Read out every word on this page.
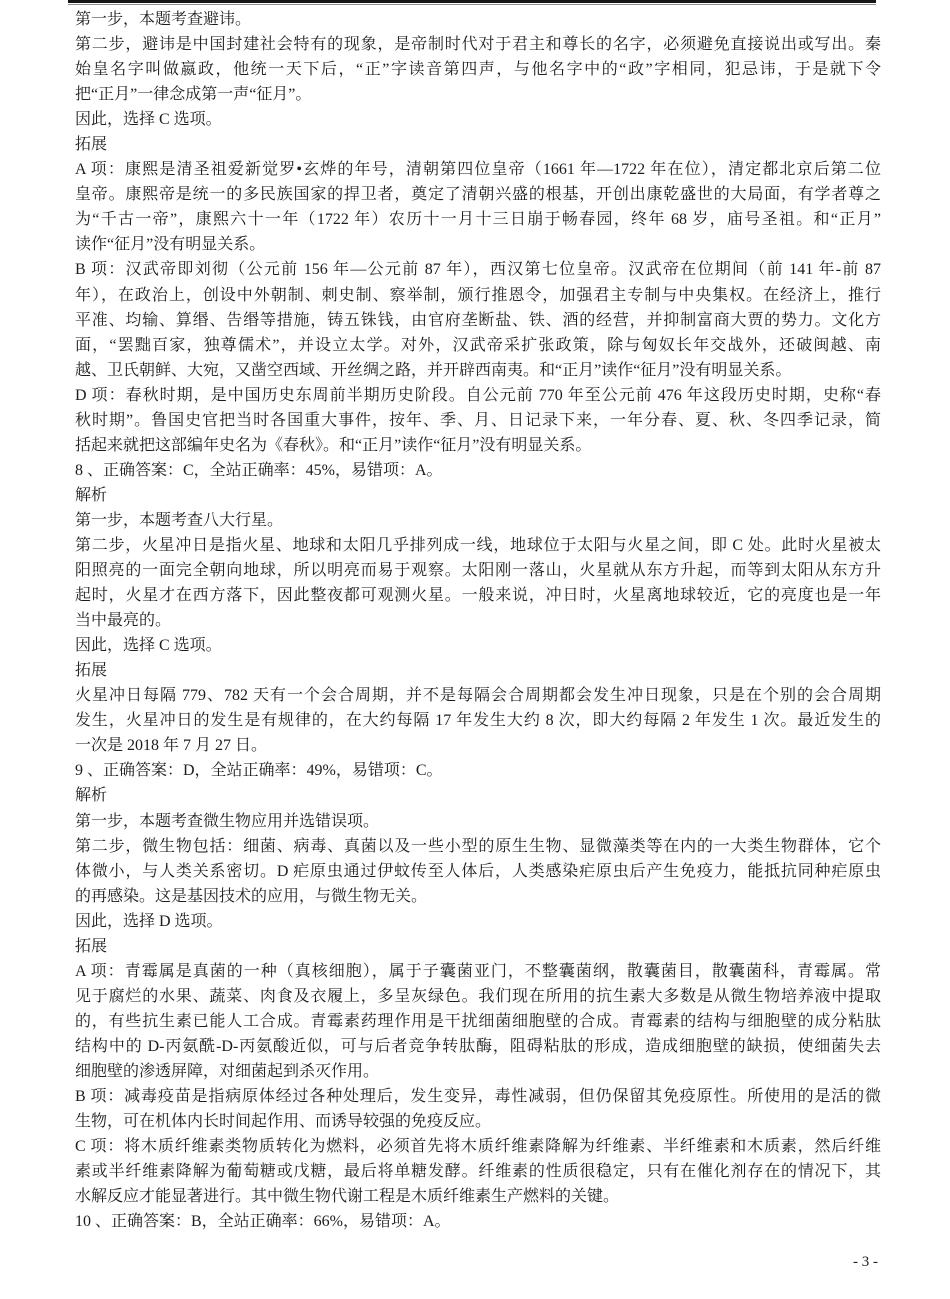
第一步，本题考查避讳。
第二步，避讳是中国封建社会特有的现象，是帝制时代对于君主和尊长的名字，必须避免直接说出或写出。秦
始皇名字叫做嬴政，他统一天下后，“正”字读音第四声，与他名字中的“政”字相同，犯忌讳，于是就下令
把“正月”一律念成第一声“征月”。
因此，选择 C 选项。
拓展
A 项：康熙是清圣祖爱新觉罗•玄烨的年号，清朝第四位皇帝（1661 年—1722 年在位），清定都北京后第二位
皇帝。康熙帝是统一的多民族国家的捍卫者，奠定了清朝兴盛的根基，开创出康乾盛世的大局面，有学者尊之
为“千古一帝”，康熙六十一年（1722 年）农历十一月十三日崩于畅春园，终年 68 岁，庙号圣祖。和“正月”
读作“征月”没有明显关系。
B 项：汉武帝即刘彻（公元前 156 年—公元前 87 年），西汉第七位皇帝。汉武帝在位期间（前 141 年-前 87
年），在政治上，创设中外朝制、刺史制、察举制，颁行推恩令，加强君主专制与中央集权。在经济上，推行
平准、均输、算缗、告缗等措施，铸五铢钱，由官府垄断盐、铁、酒的经营，并抑制富商大贾的势力。文化方
面，“罢黜百家，独尊儒术”，并设立太学。对外，汉武帝采扩张政策，除与匈奴长年交战外，还破闽越、南
越、卫氏朝鲜、大宛，又凿空西域、开丝绸之路，并开辟西南夷。和“正月”读作“征月”没有明显关系。
D 项：春秋时期，是中国历史东周前半期历史阶段。自公元前 770 年至公元前 476 年这段历史时期，史称“春
秋时期”。鲁国史官把当时各国重大事件，按年、季、月、日记录下来，一年分春、夏、秋、冬四季记录，简
括起来就把这部编年史名为《春秋》。和“正月”读作“征月”没有明显关系。
8 、正确答案：C，全站正确率：45%，易错项：A。
解析
第一步，本题考查八大行星。
第二步，火星冲日是指火星、地球和太阳几乎排列成一线，地球位于太阳与火星之间，即 C 处。此时火星被太
阳照亮的一面完全朝向地球，所以明亮而易于观察。太阳刚一落山，火星就从东方升起，而等到太阳从东方升
起时，火星才在西方落下，因此整夜都可观测火星。一般来说，冲日时，火星离地球较近，它的亮度也是一年
当中最亮的。
因此，选择 C 选项。
拓展
火星冲日每隔 779、782 天有一个会合周期，并不是每隔会合周期都会发生冲日现象，只是在个别的会合周期
发生，火星冲日的发生是有规律的，在大约每隔 17 年发生大约 8 次，即大约每隔 2 年发生 1 次。最近发生的
一次是 2018 年 7 月 27 日。
9 、正确答案：D，全站正确率：49%，易错项：C。
解析
第一步，本题考查微生物应用并选错误项。
第二步，微生物包括：细菌、病毒、真菌以及一些小型的原生生物、显微藻类等在内的一大类生物群体，它个
体微小，与人类关系密切。D 疟原虫通过伊蚊传至人体后，人类感染疟原虫后产生免疫力，能抵抗同种疟原虫
的再感染。这是基因技术的应用，与微生物无关。
因此，选择 D 选项。
拓展
A 项：青霉属是真菌的一种（真核细胞），属于子囊菌亚门，不整囊菌纲，散囊菌目，散囊菌科，青霉属。常
见于腐烂的水果、蔬菜、肉食及衣履上，多呈灰绿色。我们现在所用的抗生素大多数是从微生物培养液中提取
的，有些抗生素已能人工合成。青霉素药理作用是干扰细菌细胞壁的合成。青霉素的结构与细胞壁的成分粘肽
结构中的 D-丙氨酰-D-丙氨酸近似，可与后者竞争转肽酶，阻碍粘肽的形成，造成细胞壁的缺损，使细菌失去
细胞壁的渗透屏障，对细菌起到杀灭作用。
B 项：减毒疫苗是指病原体经过各种处理后，发生变异，毒性减弱，但仍保留其免疫原性。所使用的是活的微
生物，可在机体内长时间起作用、而诱导较强的免疫反应。
C 项：将木质纤维素类物质转化为燃料，必须首先将木质纤维素降解为纤维素、半纤维素和木质素，然后纤维
素或半纤维素降解为葡萄糖或戊糖，最后将单糖发酵。纤维素的性质很稳定，只有在催化剂存在的情况下，其
水解反应才能显著进行。其中微生物代谢工程是木质纤维素生产燃料的关键。
10 、正确答案：B，全站正确率：66%，易错项：A。
- 3 -
